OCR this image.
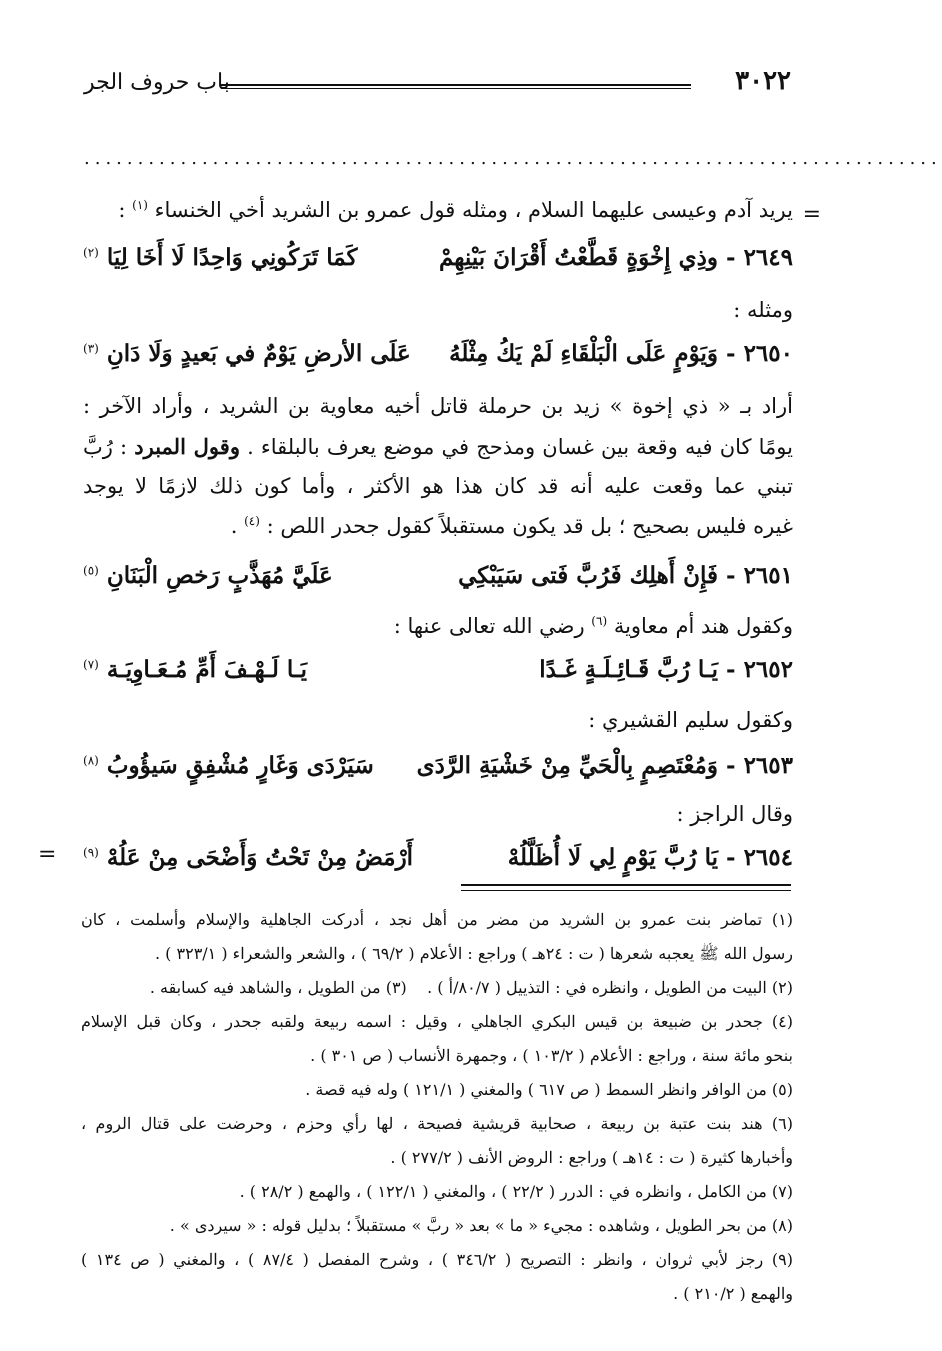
٣٠٢٢
باب حروف الجر
................................................................................
=
=
يريد آدم وعيسى عليهما السلام ، ومثله قول عمرو بن الشريد أخي الخنساء $^{(١)}$ :
٢٦٤٩ - وذِي إِخْوَةٍ قَطَّعْتُ أَقْرَانَ بَيْنِهِمْ
كَمَا تَرَكُونِي وَاحِدًا لَا أَخَا لِيَا $^{(٢)}$
ومثله :
٢٦٥٠ - وَيَوْمٍ عَلَى الْبَلْقَاءِ لَمْ يَكُ مِثْلَهُ
عَلَى الأرضِ يَوْمٌ في بَعيدٍ وَلَا دَانِ $^{(٣)}$
أراد بـ « ذي إخوة » زيد بن حرملة قاتل أخيه معاوية بن الشريد ، وأراد الآخر :
يومًا كان فيه وقعة بين غسان ومذحج في موضع يعرف بالبلقاء . وقول المبرد : رُبَّ
تبني عما وقعت عليه أنه قد كان هذا هو الأكثر ، وأما كون ذلك لازمًا لا يوجد
غيره فليس بصحيح ؛ بل قد يكون مستقبلاً كقول جحدر اللص : $^{(٤)}$ .
٢٦٥١ - فَإِنْ أَهلِك فَرُبَّ فَتى سَيَبْكِي
عَلَيَّ مُهَذَّبٍ رَخصِ الْبَنَانِ $^{(٥)}$
وكقول هند أم معاوية $^{(٦)}$ رضي الله تعالى عنها :
٢٦٥٢ - يَـا رُبَّ قَـائِـلَـةٍ غَـدًا
يَـا لَـهْـفَ أَمِّ مُـعَـاوِيَـة $^{(٧)}$
وكقول سليم القشيري :
٢٦٥٣ - وَمُعْتَصِمٍ بِالْحَيِّ مِنْ خَشْيَةِ الرَّدَى
سَيَرْدَى وَغَارٍ مُشْفِقٍ سَيؤُوبُ $^{(٨)}$
وقال الراجز :
٢٦٥٤ - يَا رُبَّ يَوْمٍ لِي لَا أُظَلَّلُهْ
أَرْمَضُ مِنْ تَحْتُ وَأَضْحَى مِنْ عَلُهْ $^{(٩)}$
(١) تماضر بنت عمرو بن الشريد من مضر من أهل نجد ، أدركت الجاهلية والإسلام وأسلمت ، كان
رسول الله ﷺ يعجبه شعرها ( ت : ٢٤هـ ) وراجع : الأعلام ( ٦٩/٢ ) ، والشعر والشعراء ( ٣٢٣/١ ) .
(٢) البيت من الطويل ، وانظره في : التذييل ( ٨٠/٧/أ ) .    (٣) من الطويل ، والشاهد فيه كسابقه .
(٤) جحدر بن ضبيعة بن قيس البكري الجاهلي ، وقيل : اسمه ربيعة ولقبه جحدر ، وكان قبل الإسلام
بنحو مائة سنة ، وراجع : الأعلام ( ١٠٣/٢ ) ، وجمهرة الأنساب ( ص ٣٠١ ) .
(٥) من الوافر وانظر السمط ( ص ٦١٧ ) والمغني ( ١٢١/١ ) وله فيه قصة .
(٦) هند بنت عتبة بن ربيعة ، صحابية قريشية فصيحة ، لها رأي وحزم ، وحرضت على قتال الروم ،
وأخبارها كثيرة ( ت : ١٤هـ ) وراجع : الروض الأنف ( ٢٧٧/٢ ) .
(٧) من الكامل ، وانظره في : الدرر ( ٢٢/٢ ) ، والمغني ( ١٢٢/١ ) ، والهمع ( ٢٨/٢ ) .
(٨) من بحر الطويل ، وشاهده : مجيء « ما » بعد « ربَّ » مستقبلاً ؛ بدليل قوله : « سيردى » .
(٩) رجز لأبي ثروان ، وانظر : التصريح ( ٣٤٦/٢ ) ، وشرح المفصل ( ٨٧/٤ ) ، والمغني ( ص ١٣٤ )
والهمع ( ٢١٠/٢ ) .
